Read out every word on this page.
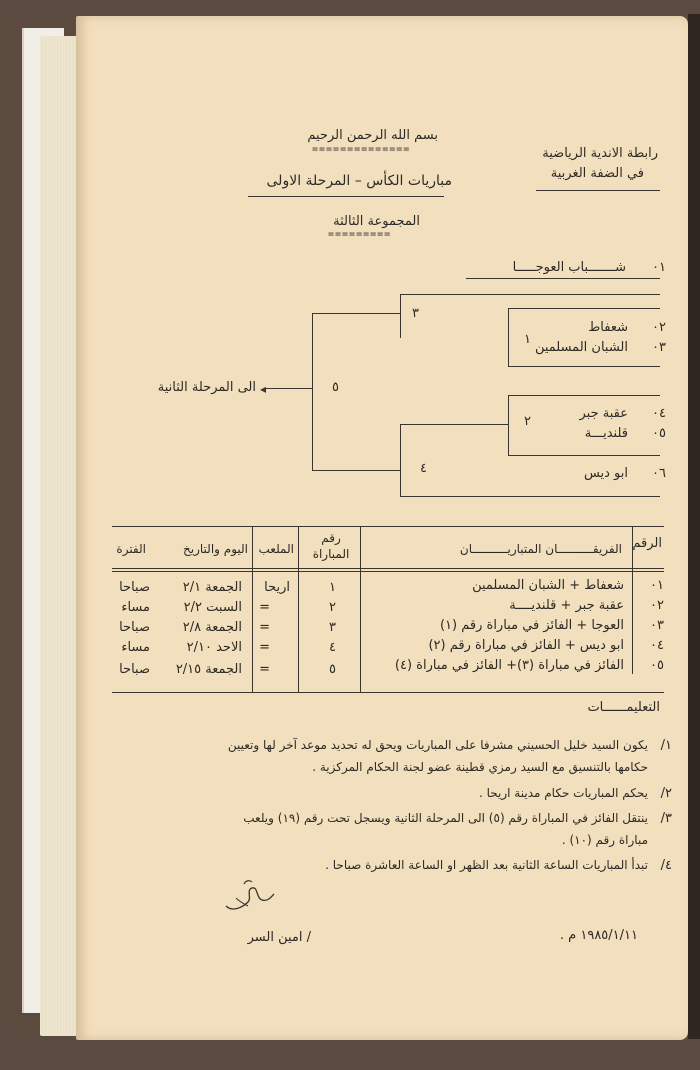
بسم الله الرحمن الرحيم
==============
مباريات الكأس – المرحلة الاولى
المجموعة الثالثة
=========
رابطة الاندية الرياضية
في الضفة الغربية
٠١
شـــــــباب العوجـــــا
٠٢
شعفاط
٠٣
الشبان المسلمين
٠٤
عقبة جبر
٠٥
قلنديـــة
٠٦
ابو ديس
◂
الى المرحلة الثانية
١
٢
٣
٤
٥
الرقم
الفريقــــــــــان المتباريــــــــــان
رقم المباراة
الملعب
اليوم والتاريخ
الفترة
٠١
شعفاط + الشبان المسلمين
١
اريحا
الجمعة ٢/١
صباحا
٠٢
عقبة جبر + قلنديــــة
٢
=
السبت ٢/٢
مساء
٠٣
العوجا + الفائز في مباراة رقم (١)
٣
=
الجمعة ٢/٨
صباحا
٠٤
ابو ديس + الفائز في مباراة رقم (٢)
٤
=
الاحد ٢/١٠
مساء
٠٥
الفائز في مباراة (٣)+ الفائز في مباراة (٤)
٥
=
الجمعة ٢/١٥
صباحا
التعليمــــــات
١/
يكون السيد خليل الحسيني مشرفا على المباريات ويحق له تحديد موعد آخر لها وتعيين
حكامها بالتنسيق مع السيد رمزي قطينة عضو لجنة الحكام المركزية .
٢/
يحكم المباريات حكام مدينة اريحا .
٣/
ينتقل الفائز في المباراة رقم (٥) الى المرحلة الثانية ويسجل تحت رقم (١٩) ويلعب
مباراة رقم (١٠) .
٤/
تبدأ المباريات الساعة الثانية بعد الظهر او الساعة العاشرة صباحا .
/ امين السر	١٩٨٥/١/١١ م .
